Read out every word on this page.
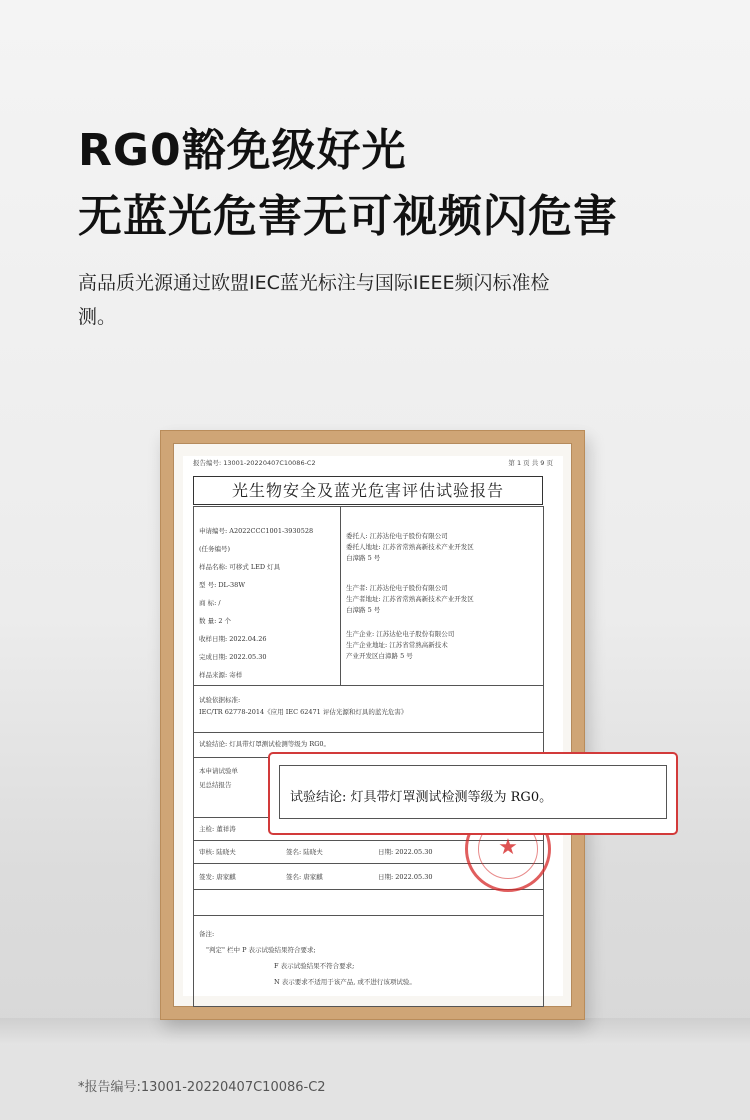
RG0豁免级好光
无蓝光危害无可视频闪危害
高品质光源通过欧盟IEC蓝光标注与国际IEEE频闪标准检测。
报告编号: 13001-20220407C10086-C2	第 1 页 共 9 页
光生物安全及蓝光危害评估试验报告
申请编号: A2022CCC1001-3930528
(任务编号)
样品名称: 可移式 LED 灯具
型 号: DL-38W
商 标: /
数 量: 2 个
收样日期: 2022.04.26
完成日期: 2022.05.30
样品来源: 寄样
委托人: 江苏达伦电子股份有限公司
委托人地址: 江苏省常熟高新技术产业开发区
白漳路 5 号
生产者: 江苏达伦电子股份有限公司
生产者地址: 江苏省常熟高新技术产业开发区
白漳路 5 号
生产企业: 江苏达伦电子股份有限公司
生产企业地址: 江苏省常熟高新技术
产业开发区白漳路 5 号
试验依据标准:
IEC/TR 62778-2014《应用 IEC 62471 评估光源和灯具的蓝光危害》
试验结论: 灯具带灯罩测试检测等级为 RG0。
本申请试验单
见总结报告
主检: 董祥涛
审核: 陆晓夫	签名: 陆晓夫	日期: 2022.05.30
签发: 唐家麒	签名: 唐家麒	日期: 2022.05.30
备注:
"判定" 栏中 P 表示试验结果符合要求;
F 表示试验结果不符合要求;
N 表示要求不适用于该产品, 或不进行该项试验。
★
试验结论: 灯具带灯罩测试检测等级为 RG0。
*报告编号:13001-20220407C10086-C2
